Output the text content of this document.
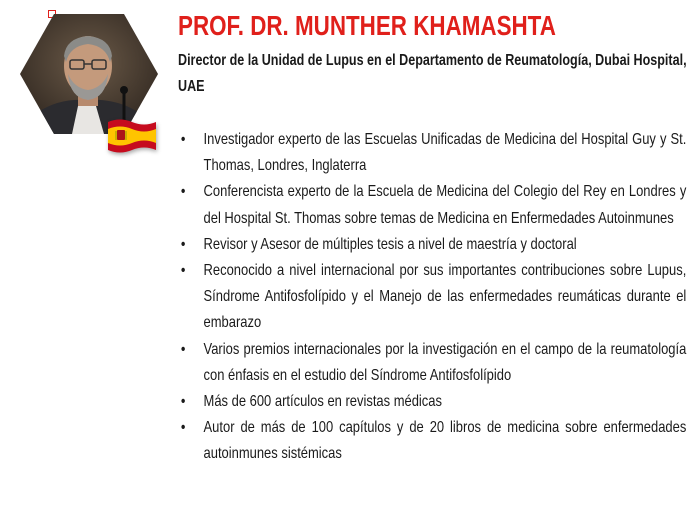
PROF. DR. MUNTHER KHAMASHTA

Director de la Unidad de Lupus en el Departamento de Reumatología, Dubai Hospital, UAE

• Investigador experto de las Escuelas Unificadas de Medicina del Hospital Guy y St. Thomas, Londres, Inglaterra
• Conferencista experto de la Escuela de Medicina del Colegio del Rey en Londres y del Hospital St. Thomas sobre temas de Medicina en Enfermedades Autoinmunes
• Revisor y Asesor de múltiples tesis a nivel de maestría y doctoral
• Reconocido a nivel internacional por sus importantes contribuciones sobre Lupus, Síndrome Antifosfolípido y el Manejo de las enfermedades reumáticas durante el embarazo
• Varios premios internacionales por la investigación en el campo de la reumatología con énfasis en el estudio del Síndrome Antifosfolípido
• Más de 600 artículos en revistas médicas
• Autor de más de 100 capítulos y de 20 libros de medicina sobre enfermedades autoinmunes sistémicas
